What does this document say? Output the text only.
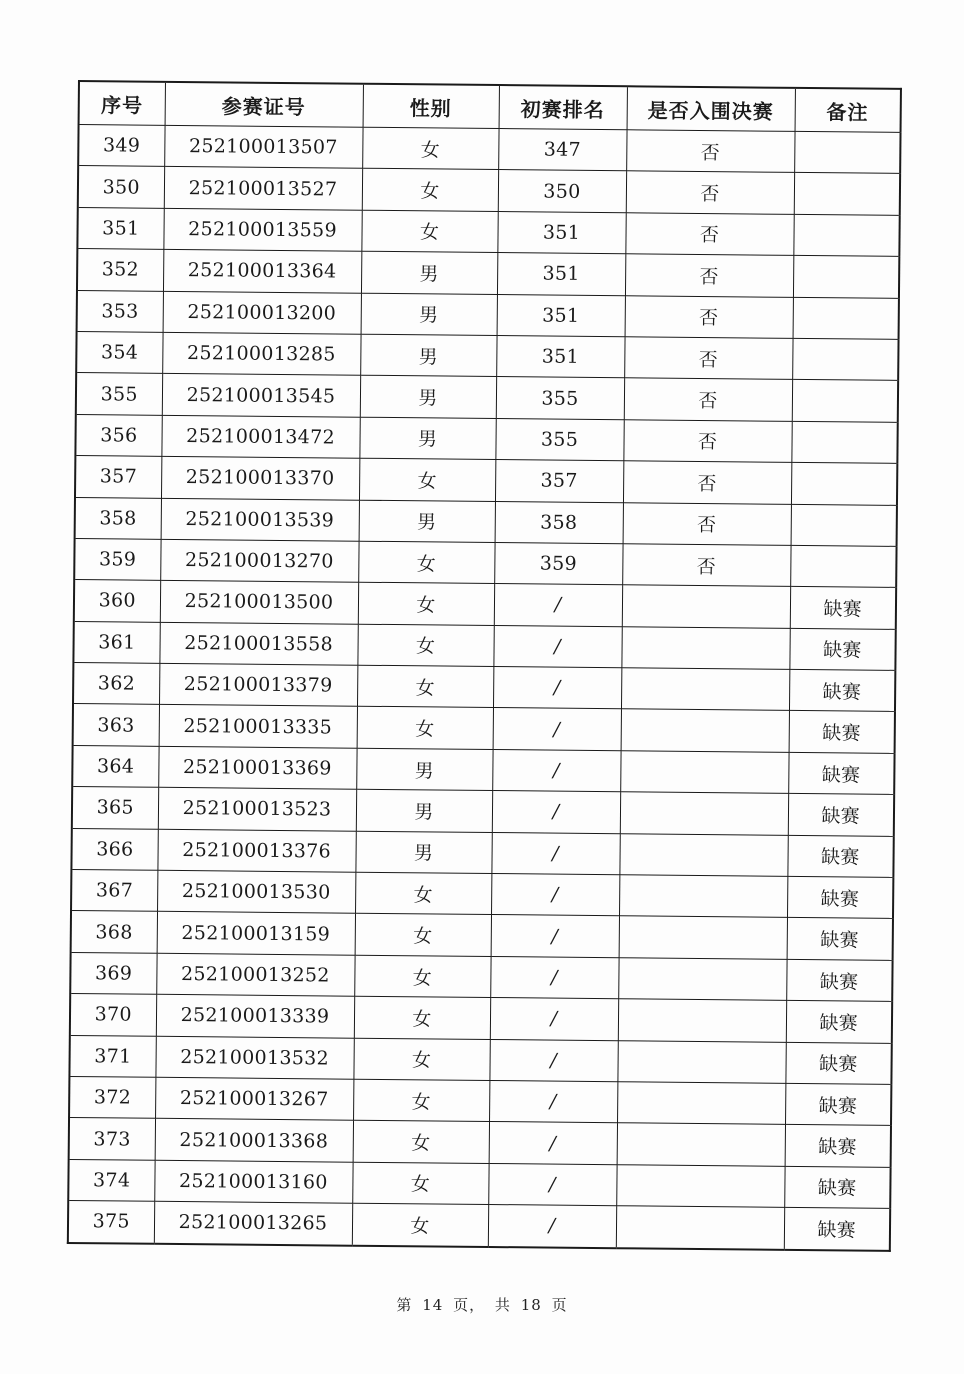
序号	参赛证号	性别	初赛排名	是否入围决赛	备注
349	252100013507	女	347	否	
350	252100013527	女	350	否	
351	252100013559	女	351	否	
352	252100013364	男	351	否	
353	252100013200	男	351	否	
354	252100013285	男	351	否	
355	252100013545	男	355	否	
356	252100013472	男	355	否	
357	252100013370	女	357	否	
358	252100013539	男	358	否	
359	252100013270	女	359	否	
360	252100013500	女	/		缺赛
361	252100013558	女	/		缺赛
362	252100013379	女	/		缺赛
363	252100013335	女	/		缺赛
364	252100013369	男	/		缺赛
365	252100013523	男	/		缺赛
366	252100013376	男	/		缺赛
367	252100013530	女	/		缺赛
368	252100013159	女	/		缺赛
369	252100013252	女	/		缺赛
370	252100013339	女	/		缺赛
371	252100013532	女	/		缺赛
372	252100013267	女	/		缺赛
373	252100013368	女	/		缺赛
374	252100013160	女	/		缺赛
375	252100013265	女	/		缺赛
第 14 页， 共 18 页
